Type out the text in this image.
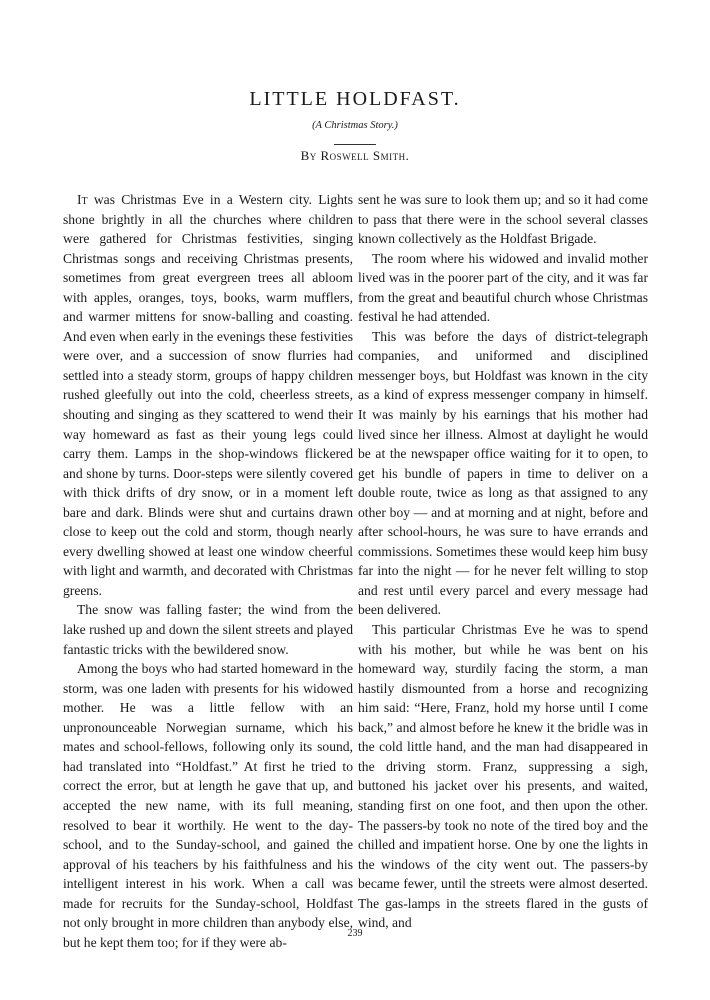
LITTLE HOLDFAST.
(A Christmas Story.)
By Roswell Smith.

It was Christmas Eve in a Western city. Lights shone brightly in all the churches where children were gathered for Christmas festivities, singing Christmas songs and receiving Christmas presents, sometimes from great evergreen trees all abloom with apples, oranges, toys, books, warm mufflers, and warmer mittens for snow-balling and coasting. And even when early in the evenings these festivities were over, and a succession of snow flurries had settled into a steady storm, groups of happy children rushed gleefully out into the cold, cheerless streets, shouting and singing as they scattered to wend their way homeward as fast as their young legs could carry them. Lamps in the shop-windows flickered and shone by turns. Door-steps were silently covered with thick drifts of dry snow, or in a moment left bare and dark. Blinds were shut and curtains drawn close to keep out the cold and storm, though nearly every dwelling showed at least one window cheerful with light and warmth, and decorated with Christmas greens.

The snow was falling faster; the wind from the lake rushed up and down the silent streets and played fantastic tricks with the bewildered snow.

Among the boys who had started homeward in the storm, was one laden with presents for his widowed mother. He was a little fellow with an unpronounceable Norwegian surname, which his mates and school-fellows, following only its sound, had translated into “Holdfast.” At first he tried to correct the error, but at length he gave that up, and accepted the new name, with its full meaning, resolved to bear it worthily. He went to the day-school, and to the Sunday-school, and gained the approval of his teachers by his faithfulness and his intelligent interest in his work. When a call was made for recruits for the Sunday-school, Holdfast not only brought in more children than anybody else, but he kept them too; for if they were ab-

sent he was sure to look them up; and so it had come to pass that there were in the school several classes known collectively as the Holdfast Brigade.

The room where his widowed and invalid mother lived was in the poorer part of the city, and it was far from the great and beautiful church whose Christmas festival he had attended.

This was before the days of district-telegraph companies, and uniformed and disciplined messenger boys, but Holdfast was known in the city as a kind of express messenger company in himself. It was mainly by his earnings that his mother had lived since her illness. Almost at daylight he would be at the newspaper office waiting for it to open, to get his bundle of papers in time to deliver on a double route, twice as long as that assigned to any other boy — and at morning and at night, before and after school-hours, he was sure to have errands and commissions. Sometimes these would keep him busy far into the night — for he never felt willing to stop and rest until every parcel and every message had been delivered.

This particular Christmas Eve he was to spend with his mother, but while he was bent on his homeward way, sturdily facing the storm, a man hastily dismounted from a horse and recognizing him said: “Here, Franz, hold my horse until I come back,” and almost before he knew it the bridle was in the cold little hand, and the man had disappeared in the driving storm. Franz, suppressing a sigh, buttoned his jacket over his presents, and waited, standing first on one foot, and then upon the other. The passers-by took no note of the tired boy and the chilled and impatient horse. One by one the lights in the windows of the city went out. The passers-by became fewer, until the streets were almost deserted. The gas-lamps in the streets flared in the gusts of wind, and

239
